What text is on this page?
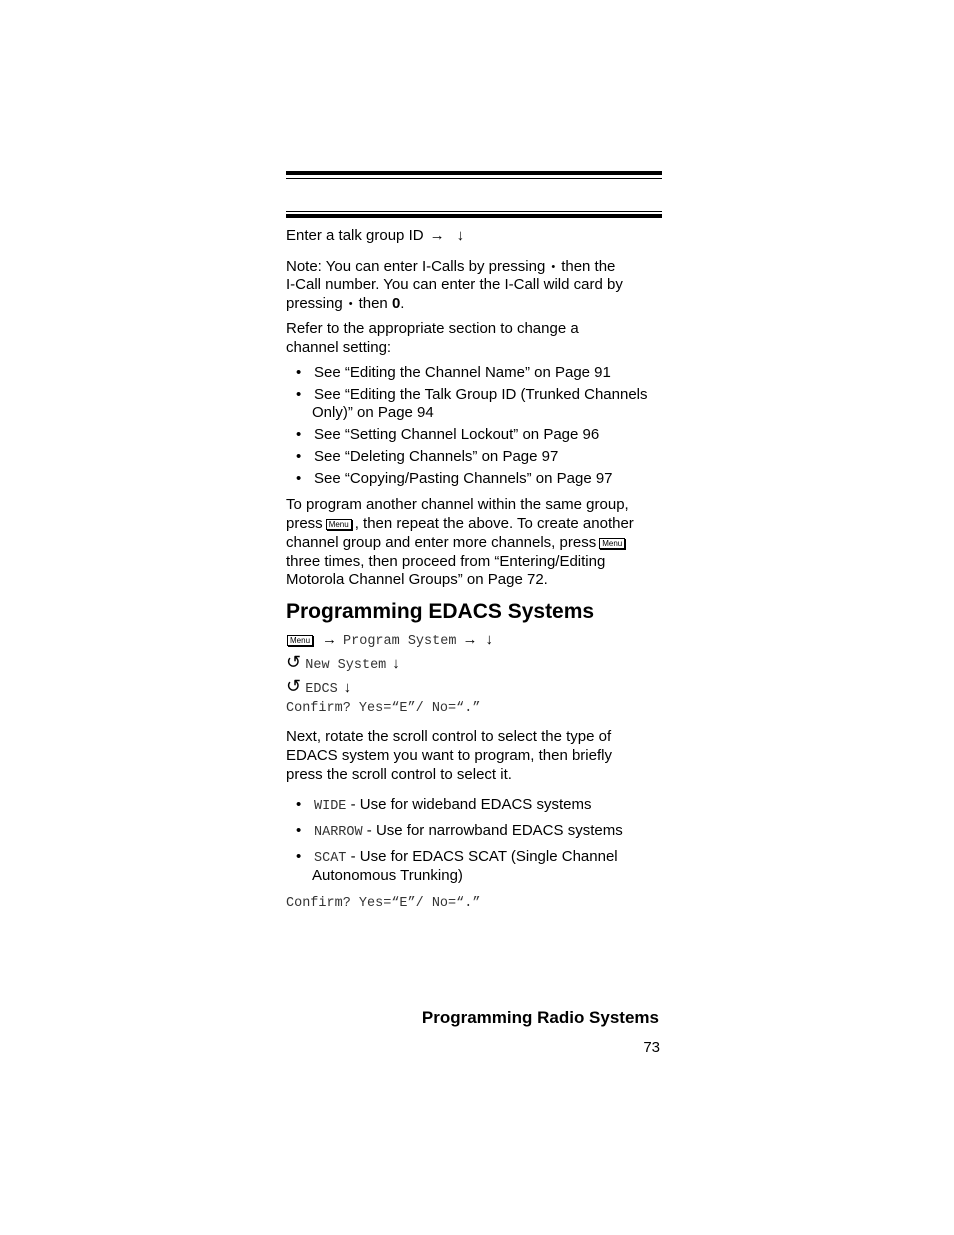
Enter a talk group ID → ↓
Note: You can enter I-Calls by pressing • then the
I-Call number. You can enter the I-Call wild card by
pressing • then 0.
Refer to the appropriate section to change a
channel setting:
• See “Editing the Channel Name” on Page 91
• See “Editing the Talk Group ID (Trunked Channels
Only)” on Page 94
• See “Setting Channel Lockout” on Page 96
• See “Deleting Channels” on Page 97
• See “Copying/Pasting Channels” on Page 97
To program another channel within the same group,
press Menu , then repeat the above. To create another
channel group and enter more channels, press Menu
three times, then proceed from “Entering/Editing
Motorola Channel Groups” on Page 72.
Programming EDACS Systems
Menu → Program System → ↓
↺ New System ↓
↺ EDCS ↓
Confirm? Yes=“E”/ No=“.”
Next, rotate the scroll control to select the type of
EDACS system you want to program, then briefly
press the scroll control to select it.
• WIDE - Use for wideband EDACS systems
• NARROW - Use for narrowband EDACS systems
• SCAT - Use for EDACS SCAT (Single Channel
Autonomous Trunking)
Confirm? Yes=“E”/ No=“.”
Programming Radio Systems
73
